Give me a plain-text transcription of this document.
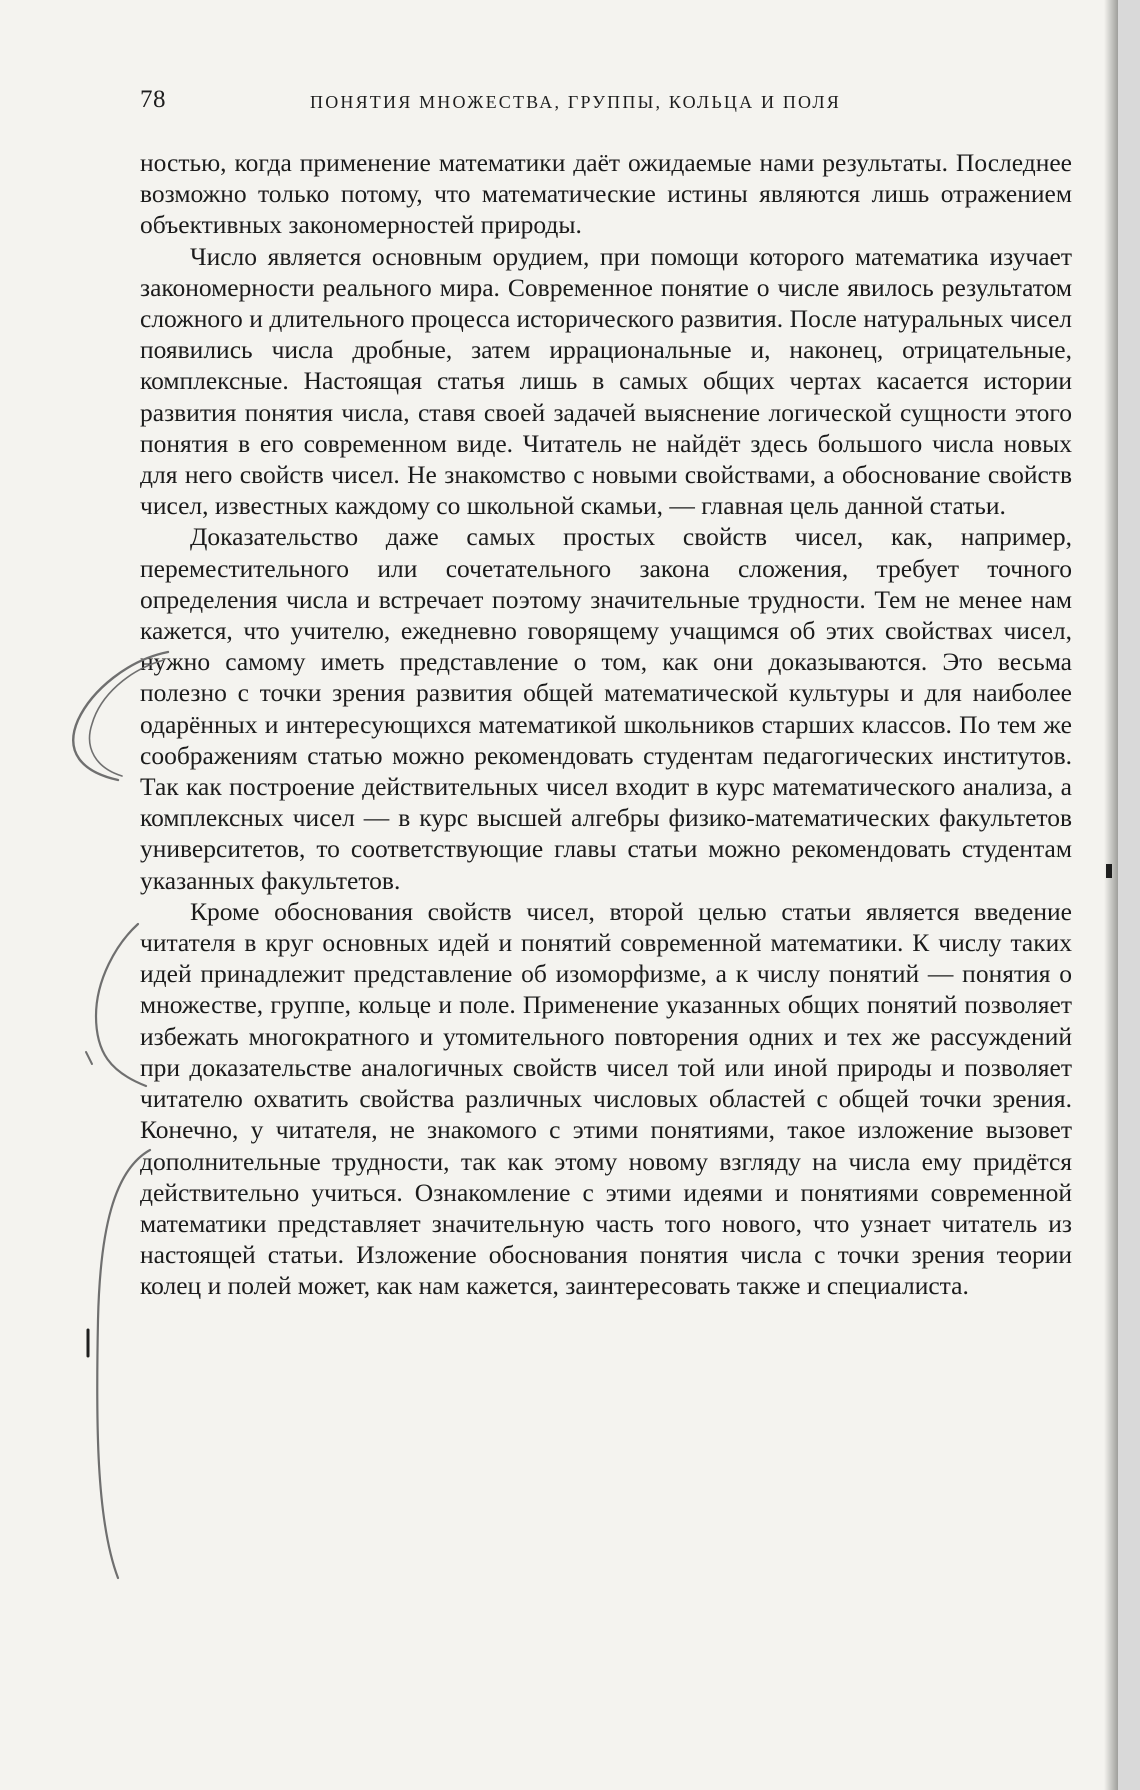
78	ПОНЯТИЯ МНОЖЕСТВА, ГРУППЫ, КОЛЬЦА И ПОЛЯ

ностью, когда применение математики даёт ожидаемые нами результаты. Последнее возможно только потому, что математические истины являются лишь отражением объективных закономерностей природы.

Число является основным орудием, при помощи которого математика изучает закономерности реального мира. Современное понятие о числе явилось результатом сложного и длительного процесса исторического развития. После натуральных чисел появились числа дробные, затем иррациональные и, наконец, отрицательные, комплексные. Настоящая статья лишь в самых общих чертах касается истории развития понятия числа, ставя своей задачей выяснение логической сущности этого понятия в его современном виде. Читатель не найдёт здесь большого числа новых для него свойств чисел. Не знакомство с новыми свойствами, а обоснование свойств чисел, известных каждому со школьной скамьи, — главная цель данной статьи.

Доказательство даже самых простых свойств чисел, как, например, переместительного или сочетательного закона сложения, требует точного определения числа и встречает поэтому значительные трудности. Тем не менее нам кажется, что учителю, ежедневно говорящему учащимся об этих свойствах чисел, нужно самому иметь представление о том, как они доказываются. Это весьма полезно с точки зрения развития общей математической культуры и для наиболее одарённых и интересующихся математикой школьников старших классов. По тем же соображениям статью можно рекомендовать студентам педагогических институтов. Так как построение действительных чисел входит в курс математического анализа, а комплексных чисел — в курс высшей алгебры физико-математических факультетов университетов, то соответствующие главы статьи можно рекомендовать студентам указанных факультетов.

Кроме обоснования свойств чисел, второй целью статьи является введение читателя в круг основных идей и понятий современной математики. К числу таких идей принадлежит представление об изоморфизме, а к числу понятий — понятия о множестве, группе, кольце и поле. Применение указанных общих понятий позволяет избежать многократного и утомительного повторения одних и тех же рассуждений при доказательстве аналогичных свойств чисел той или иной природы и позволяет читателю охватить свойства различных числовых областей с общей точки зрения. Конечно, у читателя, не знакомого с этими понятиями, такое изложение вызовет дополнительные трудности, так как этому новому взгляду на числа ему придётся действительно учиться. Ознакомление с этими идеями и понятиями современной математики представляет значительную часть того нового, что узнает читатель из настоящей статьи. Изложение обоснования понятия числа с точки зрения теории колец и полей может, как нам кажется, заинтересовать также и специалиста.
